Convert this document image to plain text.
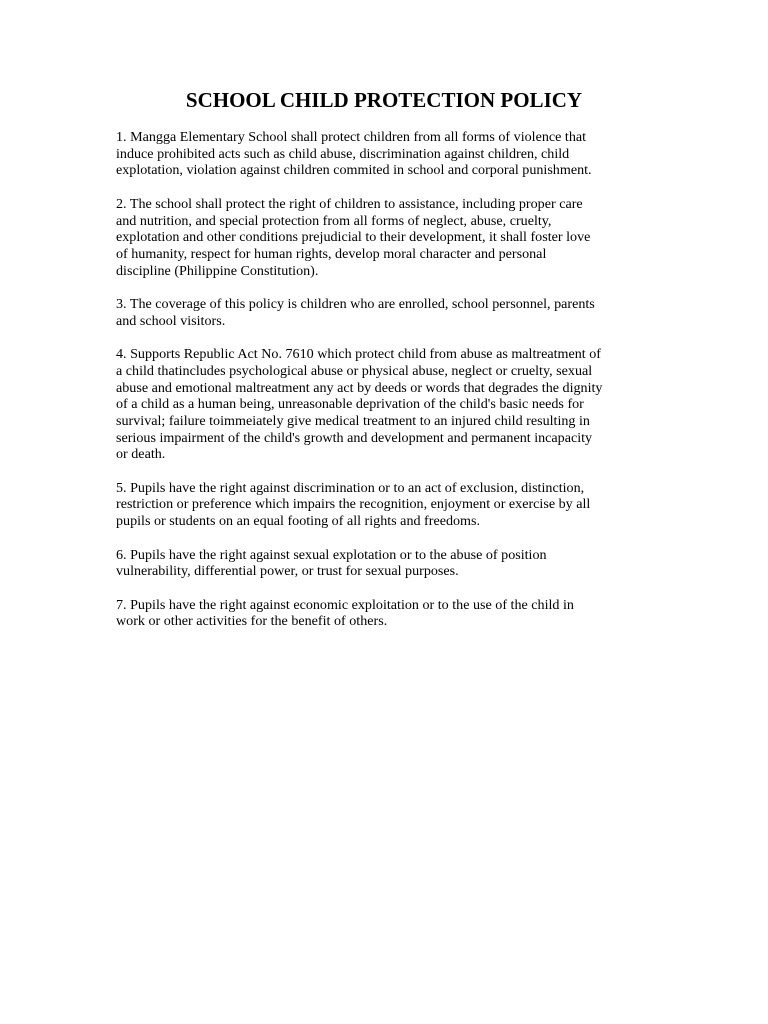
SCHOOL CHILD PROTECTION POLICY

1. Mangga Elementary School shall protect children from all forms of violence that
induce prohibited acts such as child abuse, discrimination against children, child
explotation, violation against children commited in school and corporal punishment.

2. The school shall protect the right of children to assistance, including proper care
and nutrition, and special protection from all forms of neglect, abuse, cruelty,
explotation and other conditions prejudicial to their development, it shall foster love
of humanity, respect for human rights, develop moral character and personal
discipline (Philippine Constitution).

3. The coverage of this policy is children who are enrolled, school personnel, parents
and school visitors.

4. Supports Republic Act No. 7610 which protect child from abuse as maltreatment of
a child thatincludes psychological abuse or physical abuse, neglect or cruelty, sexual
abuse and emotional maltreatment any act by deeds or words that degrades the dignity
of a child as a human being, unreasonable deprivation of the child's basic needs for
survival; failure toimmeiately give medical treatment to an injured child resulting in
serious impairment of the child's growth and development and permanent incapacity
or death.

5. Pupils have the right against discrimination or to an act of exclusion, distinction,
restriction or preference which impairs the recognition, enjoyment or exercise by all
pupils or students on an equal footing of all rights and freedoms.

6. Pupils have the right against sexual explotation or to the abuse of position
vulnerability, differential power, or trust for sexual purposes.

7. Pupils have the right against economic exploitation or to the use of the child in
work or other activities for the benefit of others.
